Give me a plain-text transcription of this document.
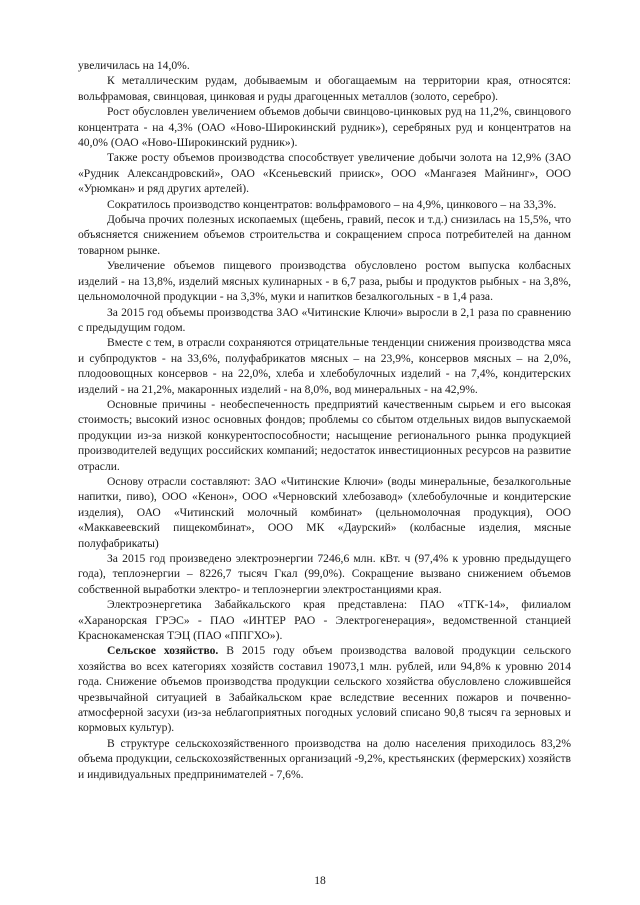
увеличилась на 14,0%.

К металлическим рудам, добываемым и обогащаемым на территории края, относятся: вольфрамовая, свинцовая, цинковая и руды драгоценных металлов (золото, серебро).

Рост обусловлен увеличением объемов добычи свинцово-цинковых руд на 11,2%, свинцового концентрата - на 4,3% (ОАО «Ново-Широкинский рудник»), серебряных руд и концентратов на 40,0% (ОАО «Ново-Широкинский рудник»).

Также росту объемов производства способствует увеличение добычи золота на 12,9% (ЗАО «Рудник Александровский», ОАО «Ксеньевский прииск», ООО «Мангазея Майнинг», ООО «Урюмкан» и ряд других артелей).

Сократилось производство концентратов: вольфрамового – на 4,9%, цинкового – на 33,3%.

Добыча прочих полезных ископаемых (щебень, гравий, песок и т.д.) снизилась на 15,5%, что объясняется снижением объемов строительства и сокращением спроса потребителей на данном товарном рынке.

Увеличение объемов пищевого производства обусловлено ростом выпуска колбасных изделий - на 13,8%, изделий мясных кулинарных - в 6,7 раза, рыбы и продуктов рыбных - на 3,8%, цельномолочной продукции - на 3,3%, муки и напитков безалкогольных - в 1,4 раза.

За 2015 год объемы производства ЗАО «Читинские Ключи» выросли в 2,1 раза по сравнению с предыдущим годом.

Вместе с тем, в отрасли сохраняются отрицательные тенденции снижения производства мяса и субпродуктов - на 33,6%, полуфабрикатов мясных – на 23,9%, консервов мясных – на 2,0%, плодоовощных консервов - на 22,0%, хлеба и хлебобулочных изделий - на 7,4%, кондитерских изделий - на 21,2%, макаронных изделий - на 8,0%, вод минеральных - на 42,9%.

Основные причины - необеспеченность предприятий качественным сырьем и его высокая стоимость; высокий износ основных фондов; проблемы со сбытом отдельных видов выпускаемой продукции из-за низкой конкурентоспособности; насыщение регионального рынка продукцией производителей ведущих российских компаний; недостаток инвестиционных ресурсов на развитие отрасли.

Основу отрасли составляют: ЗАО «Читинские Ключи» (воды минеральные, безалкогольные напитки, пиво), ООО «Кенон», ООО «Черновский хлебозавод» (хлебобулочные и кондитерские изделия), ОАО «Читинский молочный комбинат» (цельномолочная продукция), ООО «Маккавеевский пищекомбинат», ООО МК «Даурский» (колбасные изделия, мясные полуфабрикаты)

За 2015 год произведено электроэнергии 7246,6 млн. кВт. ч (97,4% к уровню предыдущего года), теплоэнергии – 8226,7 тысяч Гкал (99,0%). Сокращение вызвано снижением объемов собственной выработки электро- и теплоэнергии электростанциями края.

Электроэнергетика Забайкальского края представлена: ПАО «ТГК-14», филиалом «Харанорская ГРЭС» - ПАО «ИНТЕР РАО - Электрогенерация», ведомственной станцией Краснокаменская ТЭЦ (ПАО «ППГХО»).

Сельское хозяйство. В 2015 году объем производства валовой продукции сельского хозяйства во всех категориях хозяйств составил 19073,1 млн. рублей, или 94,8% к уровню 2014 года. Снижение объемов производства продукции сельского хозяйства обусловлено сложившейся чрезвычайной ситуацией в Забайкальском крае вследствие весенних пожаров и почвенно-атмосферной засухи (из-за неблагоприятных погодных условий списано 90,8 тысяч га зерновых и кормовых культур).

В структуре сельскохозяйственного производства на долю населения приходилось 83,2% объема продукции, сельскохозяйственных организаций -9,2%, крестьянских (фермерских) хозяйств и индивидуальных предпринимателей - 7,6%.

18
